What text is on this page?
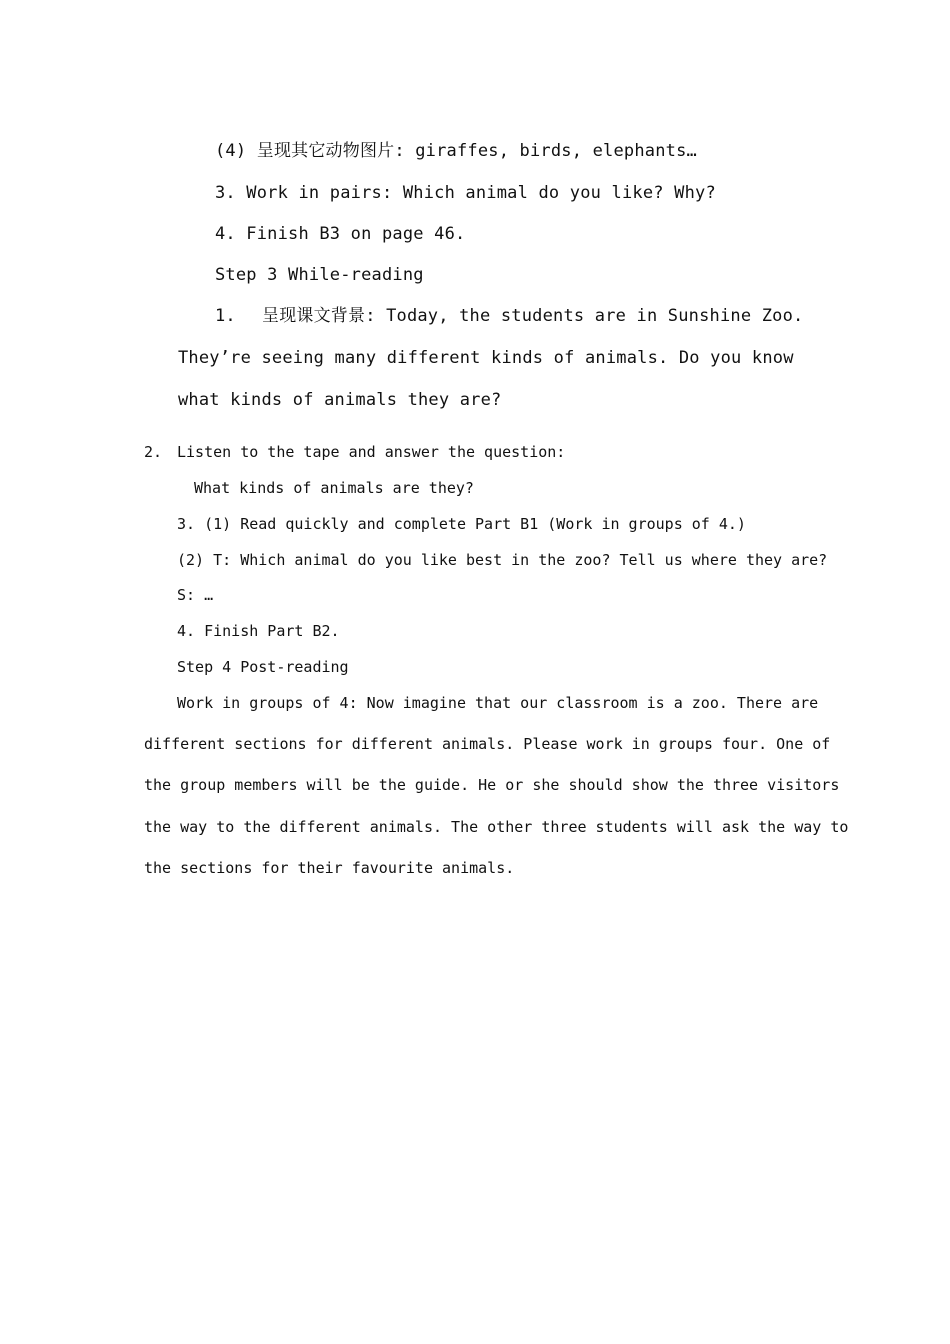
(4) 呈现其它动物图片: giraffes, birds, elephants…
3. Work in pairs: Which animal do you like? Why?
4. Finish B3 on page 46.
Step 3 While-reading
1. 呈现课文背景: Today, the students are in Sunshine Zoo.
They’re seeing many different kinds of animals. Do you know
what kinds of animals they are?
2. Listen to the tape and answer the question:
What kinds of animals are they?
3. (1) Read quickly and complete Part B1 (Work in groups of 4.)
(2) T: Which animal do you like best in the zoo? Tell us where they are?
S: …
4. Finish Part B2.
Step 4 Post-reading
Work in groups of 4: Now imagine that our classroom is a zoo. There are
different sections for different animals. Please work in groups four. One of
the group members will be the guide. He or she should show the three visitors
the way to the different animals. The other three students will ask the way to
the sections for their favourite animals.
